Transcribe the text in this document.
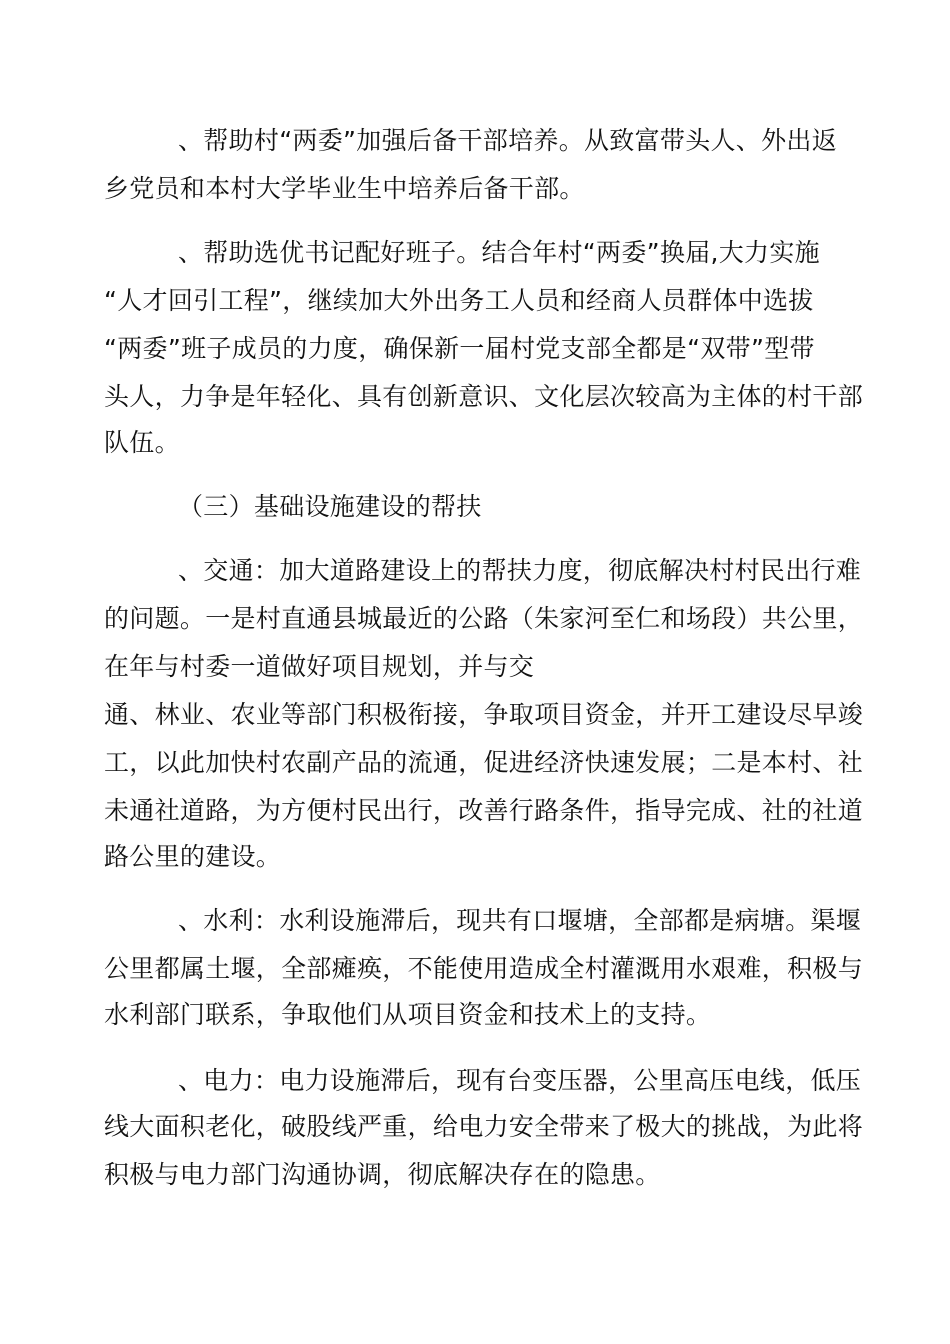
、帮助村“两委”加强后备干部培养。从致富带头人、外出返
乡党员和本村大学毕业生中培养后备干部。
、帮助选优书记配好班子。结合年村“两委”换届,大力实施
“人才回引工程”，继续加大外出务工人员和经商人员群体中选拔
“两委”班子成员的力度，确保新一届村党支部全都是“双带”型带
头人，力争是年轻化、具有创新意识、文化层次较高为主体的村干部
队伍。
（三）基础设施建设的帮扶
、交通：加大道路建设上的帮扶力度，彻底解决村村民出行难
的问题。一是村直通县城最近的公路（朱家河至仁和场段）共公里，
在年与村委一道做好项目规划，并与交
通、林业、农业等部门积极衔接，争取项目资金，并开工建设尽早竣
工，以此加快村农副产品的流通，促进经济快速发展；二是本村、社
未通社道路，为方便村民出行，改善行路条件，指导完成、社的社道
路公里的建设。
、水利：水利设施滞后，现共有口堰塘，全部都是病塘。渠堰
公里都属土堰，全部瘫痪，不能使用造成全村灌溉用水艰难，积极与
水利部门联系，争取他们从项目资金和技术上的支持。
、电力：电力设施滞后，现有台变压器，公里高压电线，低压
线大面积老化，破股线严重，给电力安全带来了极大的挑战，为此将
积极与电力部门沟通协调，彻底解决存在的隐患。
